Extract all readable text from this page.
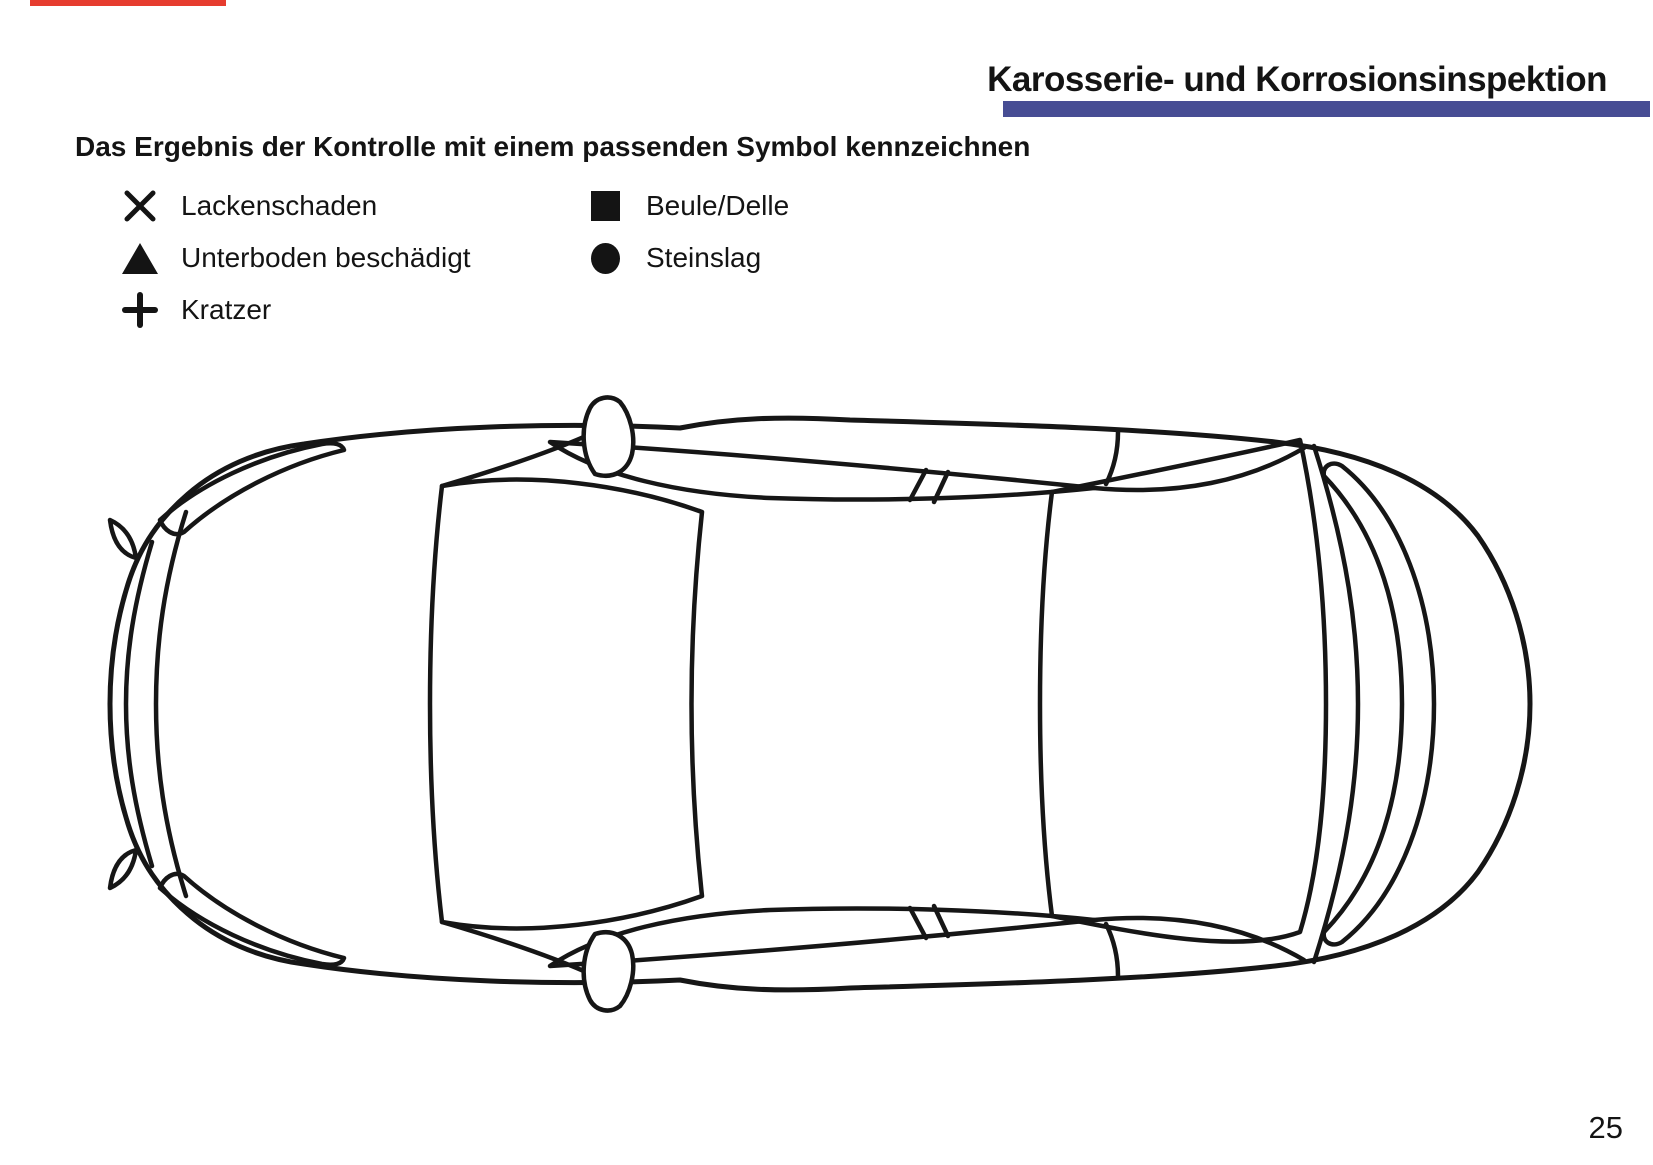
Karosserie- und Korrosionsinspektion
Das Ergebnis der Kontrolle mit einem passenden Symbol kennzeichnen
Lackenschaden
Unterboden beschädigt
Kratzer
Beule/Delle
Steinslag
25
